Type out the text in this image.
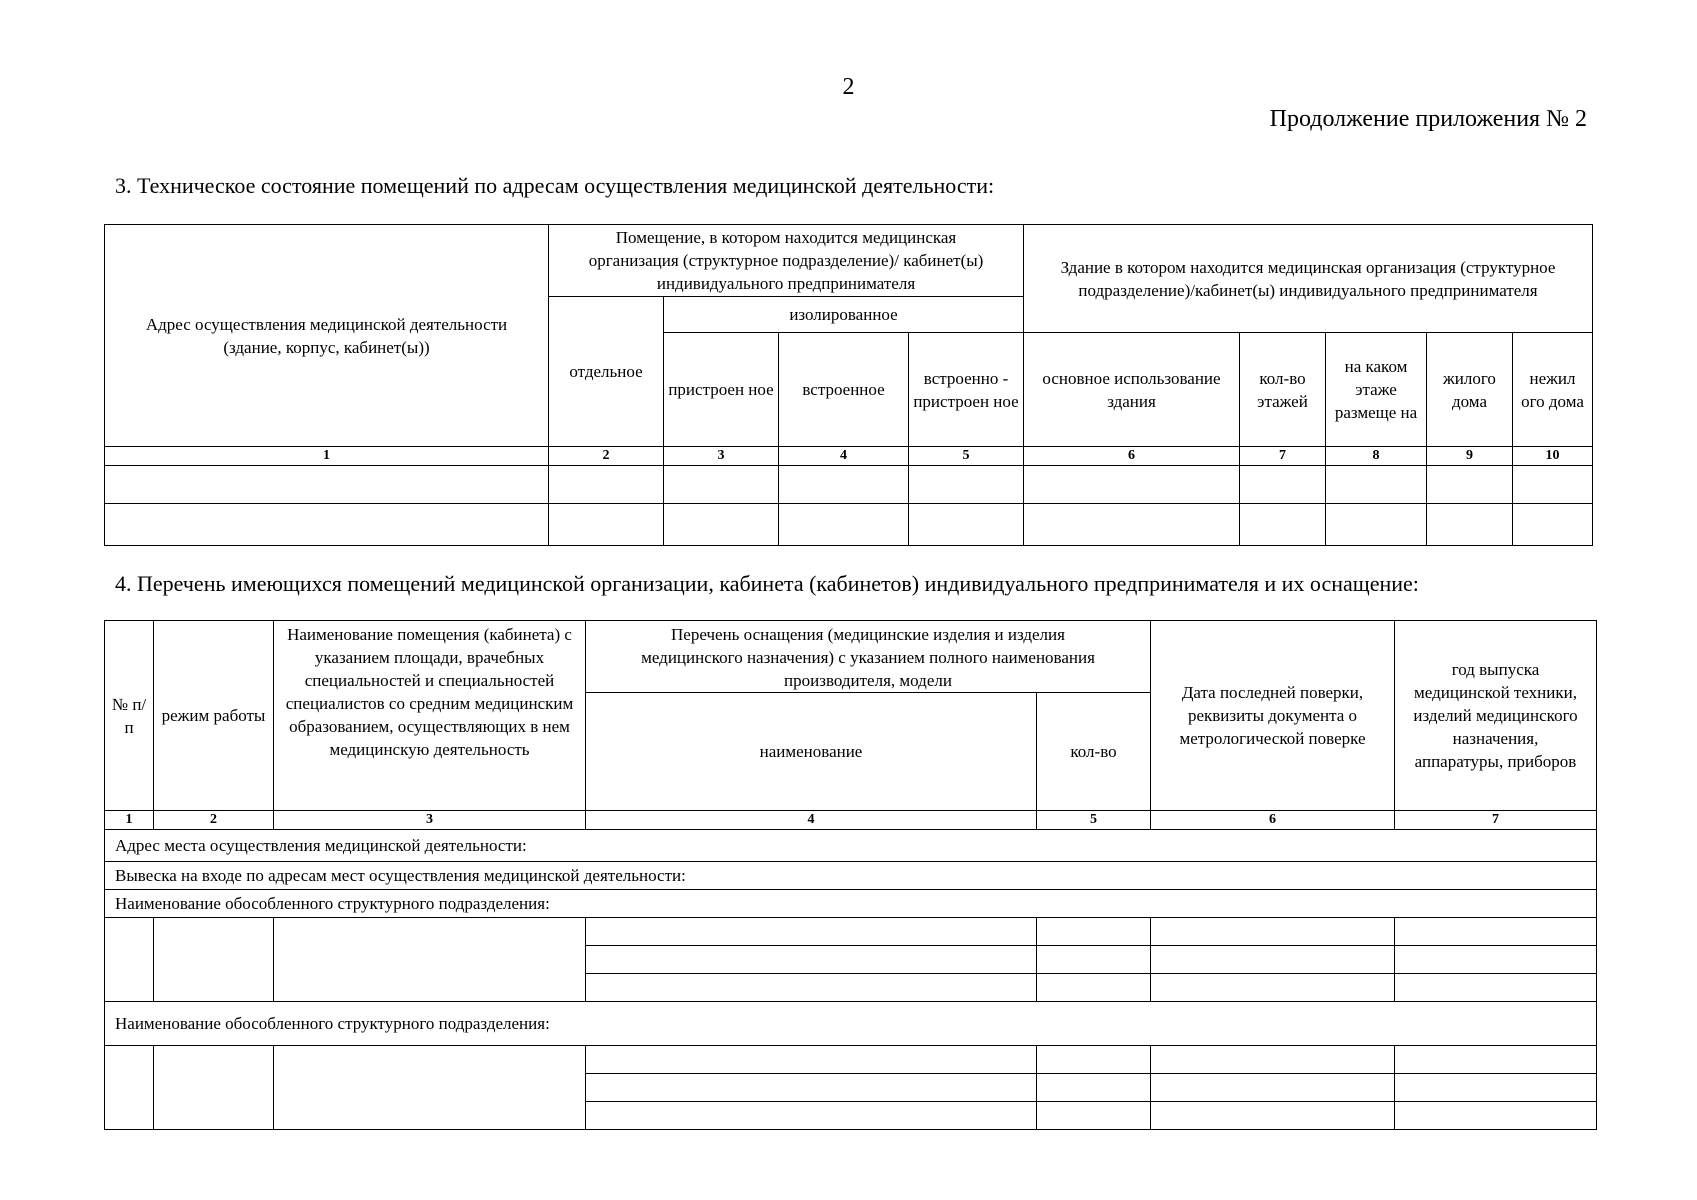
2
Продолжение приложения № 2
3. Техническое состояние помещений по адресам осуществления медицинской деятельности:
Адрес осуществления медицинской деятельности (здание, корпус, кабинет(ы))	Помещение, в котором находится медицинская организация (структурное подразделение)/ кабинет(ы) индивидуального предпринимателя				Здание в котором находится медицинская организация (структурное подразделение)/кабинет(ы) индивидуального предпринимателя				
	отдельное	изолированное							
		пристроен ное	встроенное	встроенно - пристроен ное	основное использование здания	кол-во этажей	на каком этаже размеще на	жилого дома	нежил ого дома
1	2	3	4	5	6	7	8	9	10

4. Перечень имеющихся помещений медицинской организации, кабинета (кабинетов) индивидуального предпринимателя и их оснащение:
№ п/п	режим работы	Наименование помещения (кабинета) с указанием площади, врачебных специальностей и специальностей специалистов со средним медицинским образованием, осуществляющих в нем медицинскую деятельность	Перечень оснащения (медицинские изделия и изделия медицинского назначения) с указанием полного наименования производителя, модели		Дата последней поверки, реквизиты документа о метрологической поверке	год выпуска медицинской техники, изделий медицинского назначения, аппаратуры, приборов
			наименование	кол-во		
1	2	3	4	5	6	7
Адрес места осуществления медицинской деятельности:						
Вывеска на входе по адресам мест осуществления медицинской деятельности:						
Наименование обособленного структурного подразделения:						

Наименование обособленного структурного подразделения:						
